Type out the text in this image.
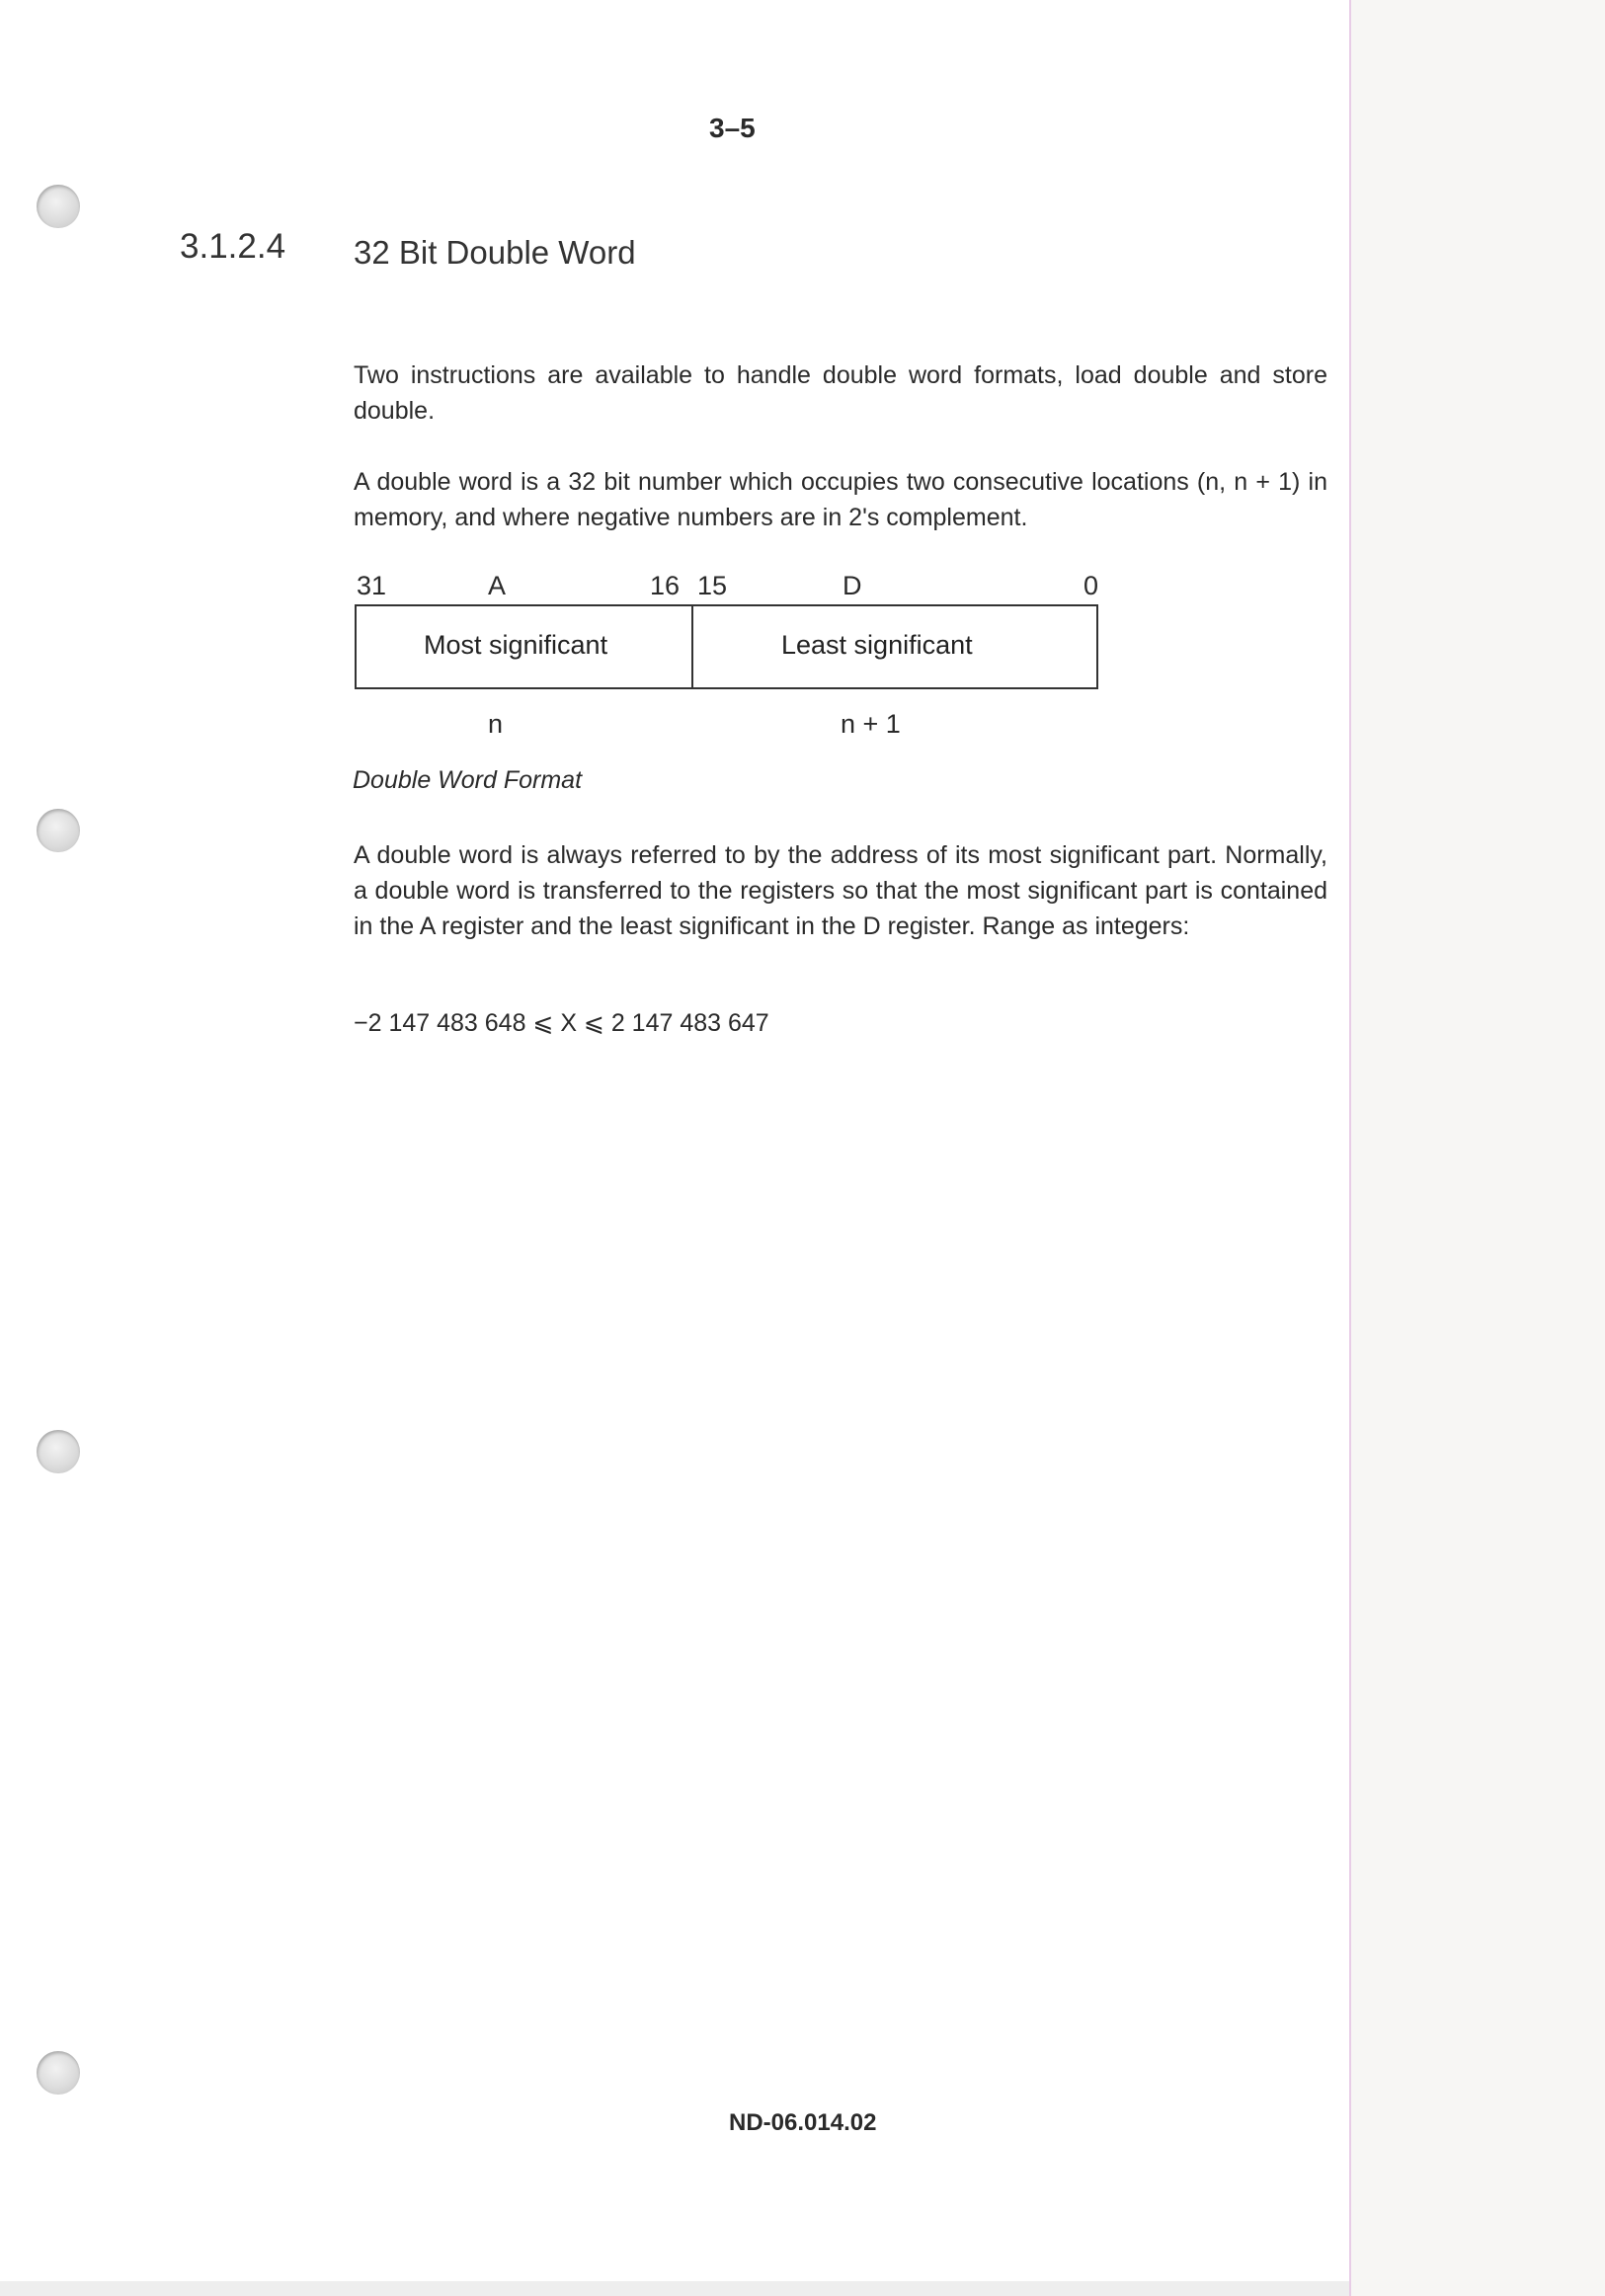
3–5
3.1.2.4 32 Bit Double Word

Two instructions are available to handle double word formats, load double and store double.

A double word is a 32 bit number which occupies two consecutive locations (n, n + 1) in memory, and where negative numbers are in 2's complement.

31	A	16 15	D	0
Most significant	Least significant
n	n + 1
Double Word Format

A double word is always referred to by the address of its most significant part. Normally, a double word is transferred to the registers so that the most significant part is contained in the A register and the least significant in the D register. Range as integers:

−2 147 483 648 ⩽ X ⩽ 2 147 483 647
ND-06.014.02
